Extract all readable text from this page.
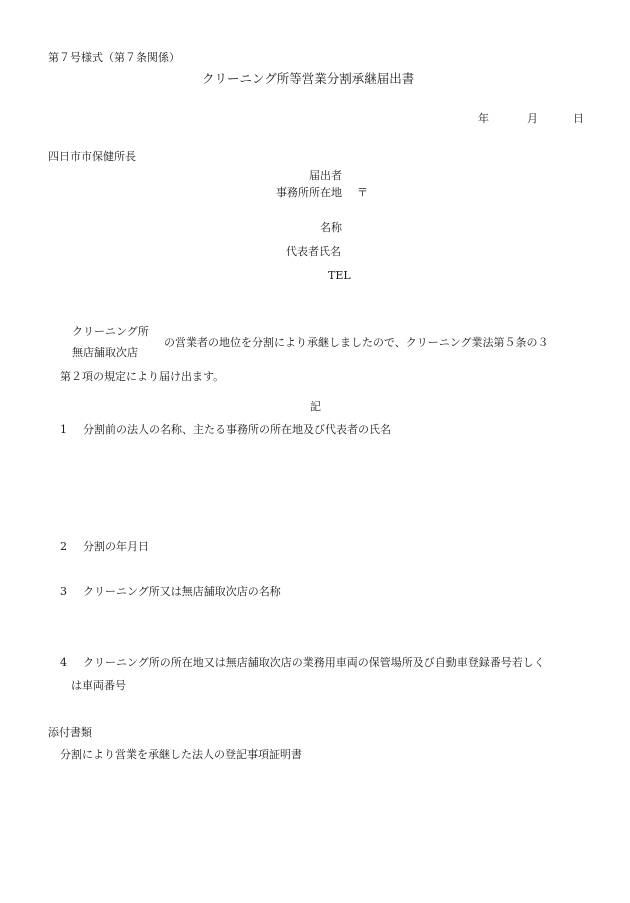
第７号様式（第７条関係）
クリーニング所等営業分割承継届出書
年	月	日
四日市市保健所長
届出者
事務所所在地 〒
名称
代表者氏名
TEL
クリーニング所
無店舗取次店
の営業者の地位を分割により承継しましたので、クリーニング業法第５条の３
第２項の規定により届け出ます。
記
1 分割前の法人の名称、主たる事務所の所在地及び代表者の氏名
2 分割の年月日
3 クリーニング所又は無店舗取次店の名称
4 クリーニング所の所在地又は無店舗取次店の業務用車両の保管場所及び自動車登録番号若しく
は車両番号
添付書類
分割により営業を承継した法人の登記事項証明書
